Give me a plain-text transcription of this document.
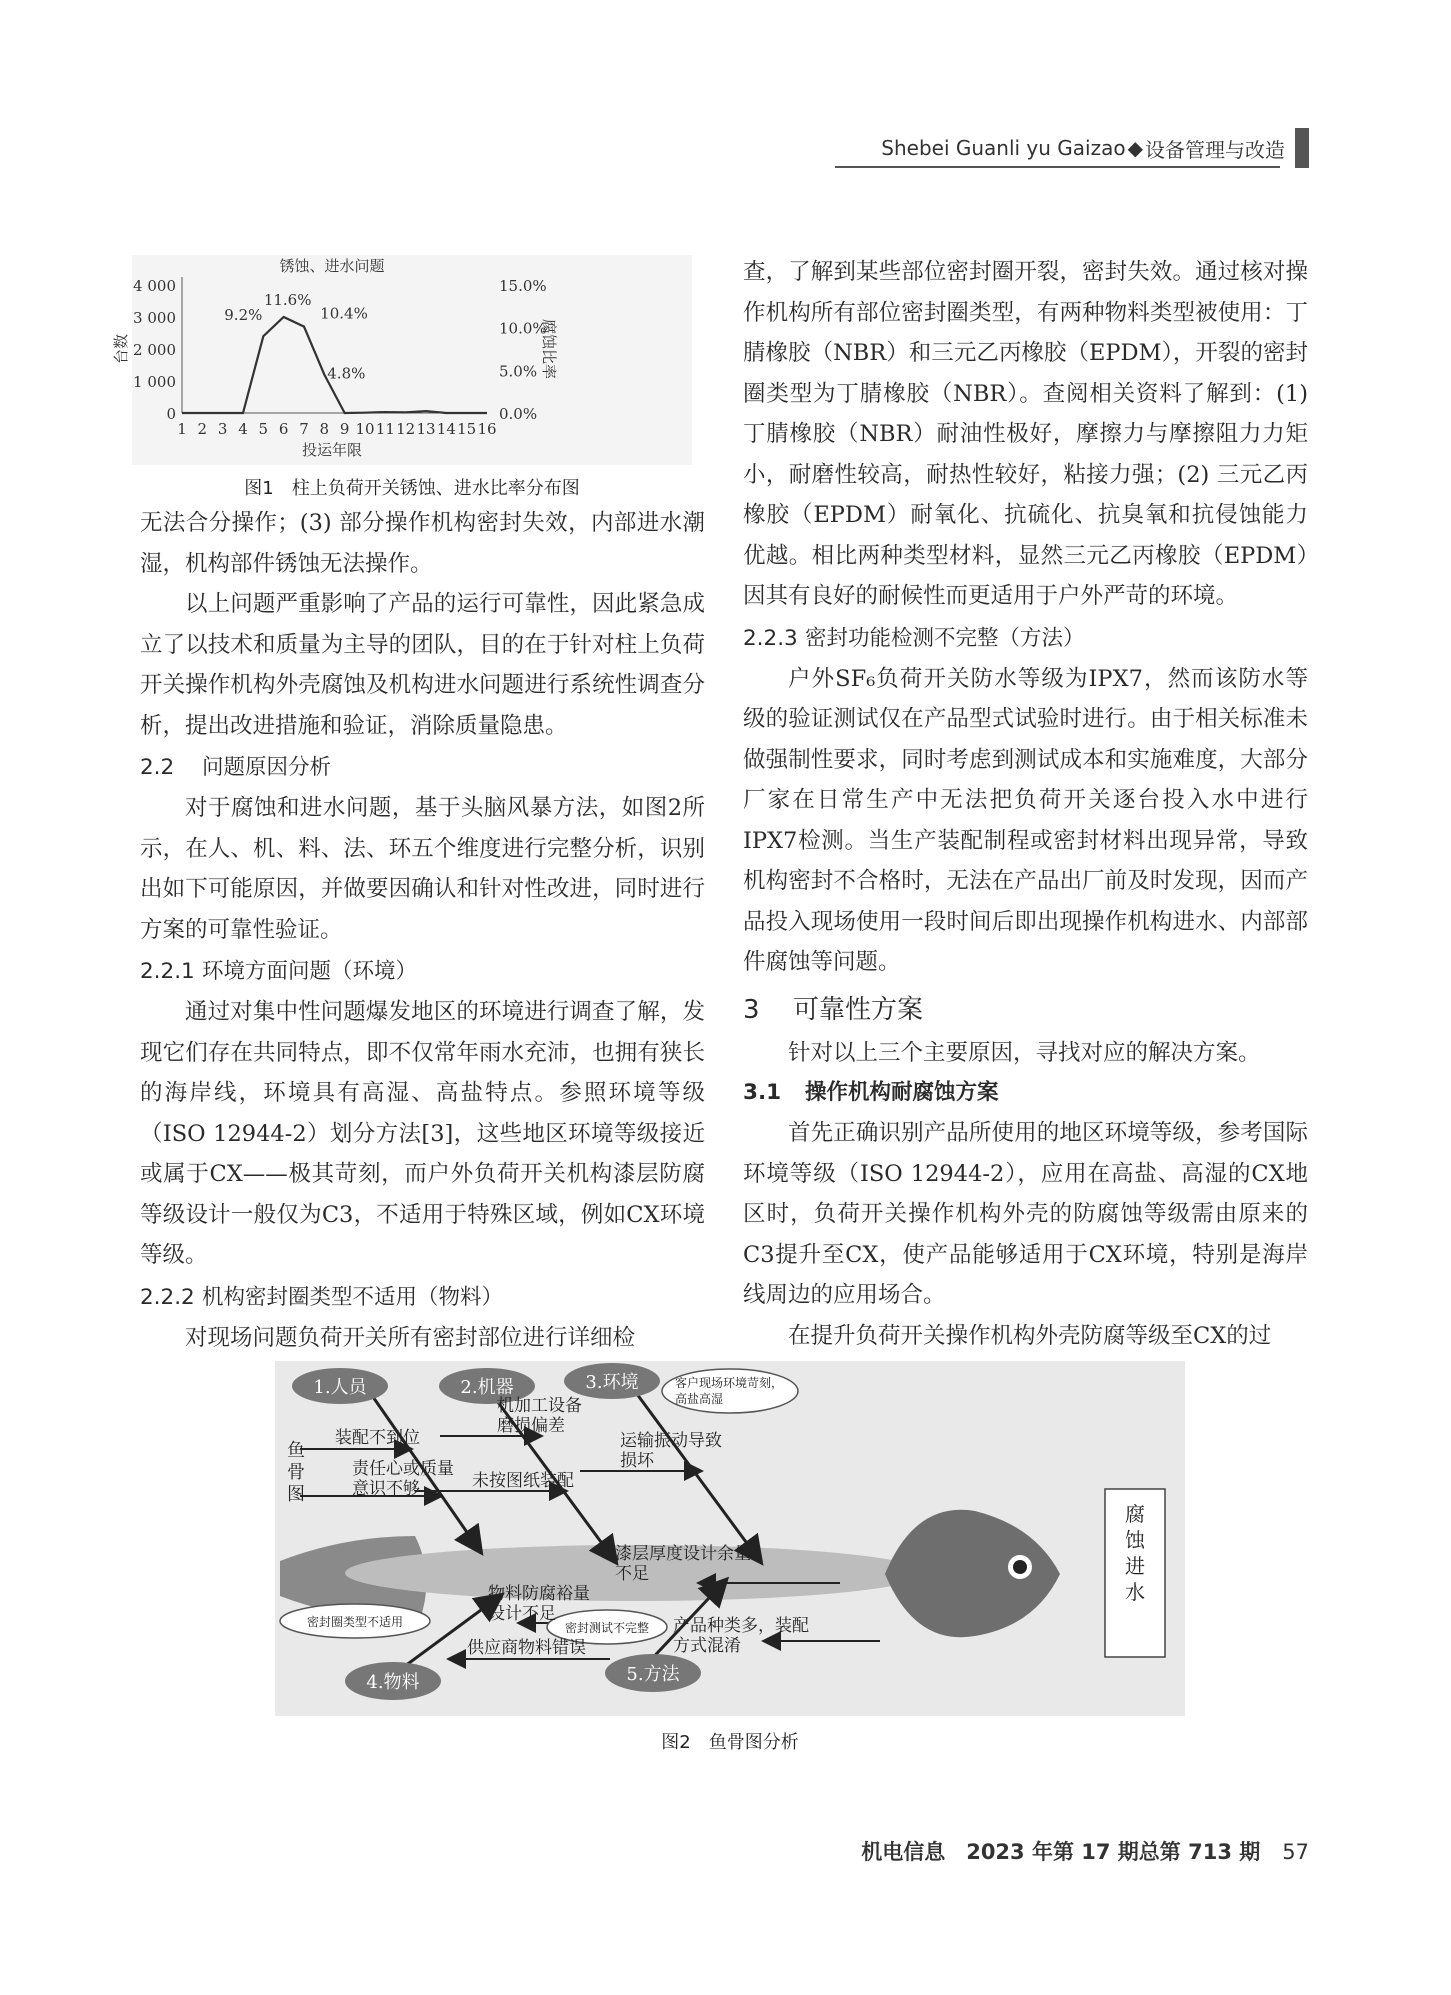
Shebei Guanli yu Gaizao ◆ 设备管理与改造
4 000
3 000
2 000
1 000
0
15.0%
10.0%
5.0%
0.0%
1 2 3 4 5 6 7 8 9 10 11 12 13 14 15 16
9.2%
11.6%
10.4%
4.8%
锈蚀、进水问题
投运年限
台数	腐蚀比率
图1　柱上负荷开关锈蚀、进水比率分布图

无法合分操作；(3) 部分操作机构密封失效，内部进水潮湿，机构部件锈蚀无法操作。

以上问题严重影响了产品的运行可靠性，因此紧急成立了以技术和质量为主导的团队，目的在于针对柱上负荷开关操作机构外壳腐蚀及机构进水问题进行系统性调查分析，提出改进措施和验证，消除质量隐患。

2.2 问题原因分析

对于腐蚀和进水问题，基于头脑风暴方法，如图2所示，在人、机、料、法、环五个维度进行完整分析，识别出如下可能原因，并做要因确认和针对性改进，同时进行方案的可靠性验证。

2.2.1 环境方面问题（环境）

通过对集中性问题爆发地区的环境进行调查了解，发现它们存在共同特点，即不仅常年雨水充沛，也拥有狭长的海岸线，环境具有高湿、高盐特点。参照环境等级（ISO 12944-2）划分方法[3]，这些地区环境等级接近或属于CX——极其苛刻，而户外负荷开关机构漆层防腐等级设计一般仅为C3，不适用于特殊区域，例如CX环境等级。

2.2.2 机构密封圈类型不适用（物料）

对现场问题负荷开关所有密封部位进行详细检

查，了解到某些部位密封圈开裂，密封失效。通过核对操作机构所有部位密封圈类型，有两种物料类型被使用：丁腈橡胶（NBR）和三元乙丙橡胶（EPDM），开裂的密封圈类型为丁腈橡胶（NBR）。查阅相关资料了解到：(1) 丁腈橡胶（NBR）耐油性极好，摩擦力与摩擦阻力力矩小，耐磨性较高，耐热性较好，粘接力强；(2) 三元乙丙橡胶（EPDM）耐氧化、抗硫化、抗臭氧和抗侵蚀能力优越。相比两种类型材料，显然三元乙丙橡胶（EPDM）因其有良好的耐候性而更适用于户外严苛的环境。

2.2.3 密封功能检测不完整（方法）

户外SF₆负荷开关防水等级为IPX7，然而该防水等级的验证测试仅在产品型式试验时进行。由于相关标准未做强制性要求，同时考虑到测试成本和实施难度，大部分厂家在日常生产中无法把负荷开关逐台投入水中进行IPX7检测。当生产装配制程或密封材料出现异常，导致机构密封不合格时，无法在产品出厂前及时发现，因而产品投入现场使用一段时间后即出现操作机构进水、内部部件腐蚀等问题。

3 可靠性方案

针对以上三个主要原因，寻找对应的解决方案。

3.1 操作机构耐腐蚀方案

首先正确识别产品所使用的地区环境等级，参考国际环境等级（ISO 12944-2），应用在高盐、高湿的CX地区时，负荷开关操作机构外壳的防腐蚀等级需由原来的C3提升至CX，使产品能够适用于CX环境，特别是海岸线周边的应用场合。

在提升负荷开关操作机构外壳防腐等级至CX的过

1.人员	2.机器	3.环境
4.物料	5.方法
客户现场环境苛刻，
高盐高湿
密封圈类型不适用	密封测试不完整
鱼
骨
图
腐
蚀
进
水
装配不到位
责任心或质量
意识不够
机加工设备
磨损偏差
未按图纸装配
运输振动导致
损坏
物料防腐裕量
设计不足
供应商物料错误
漆层厚度设计余量
不足
产品种类多，装配
方式混淆
图2　鱼骨图分析
机电信息　2023 年第 17 期总第 713 期 57
